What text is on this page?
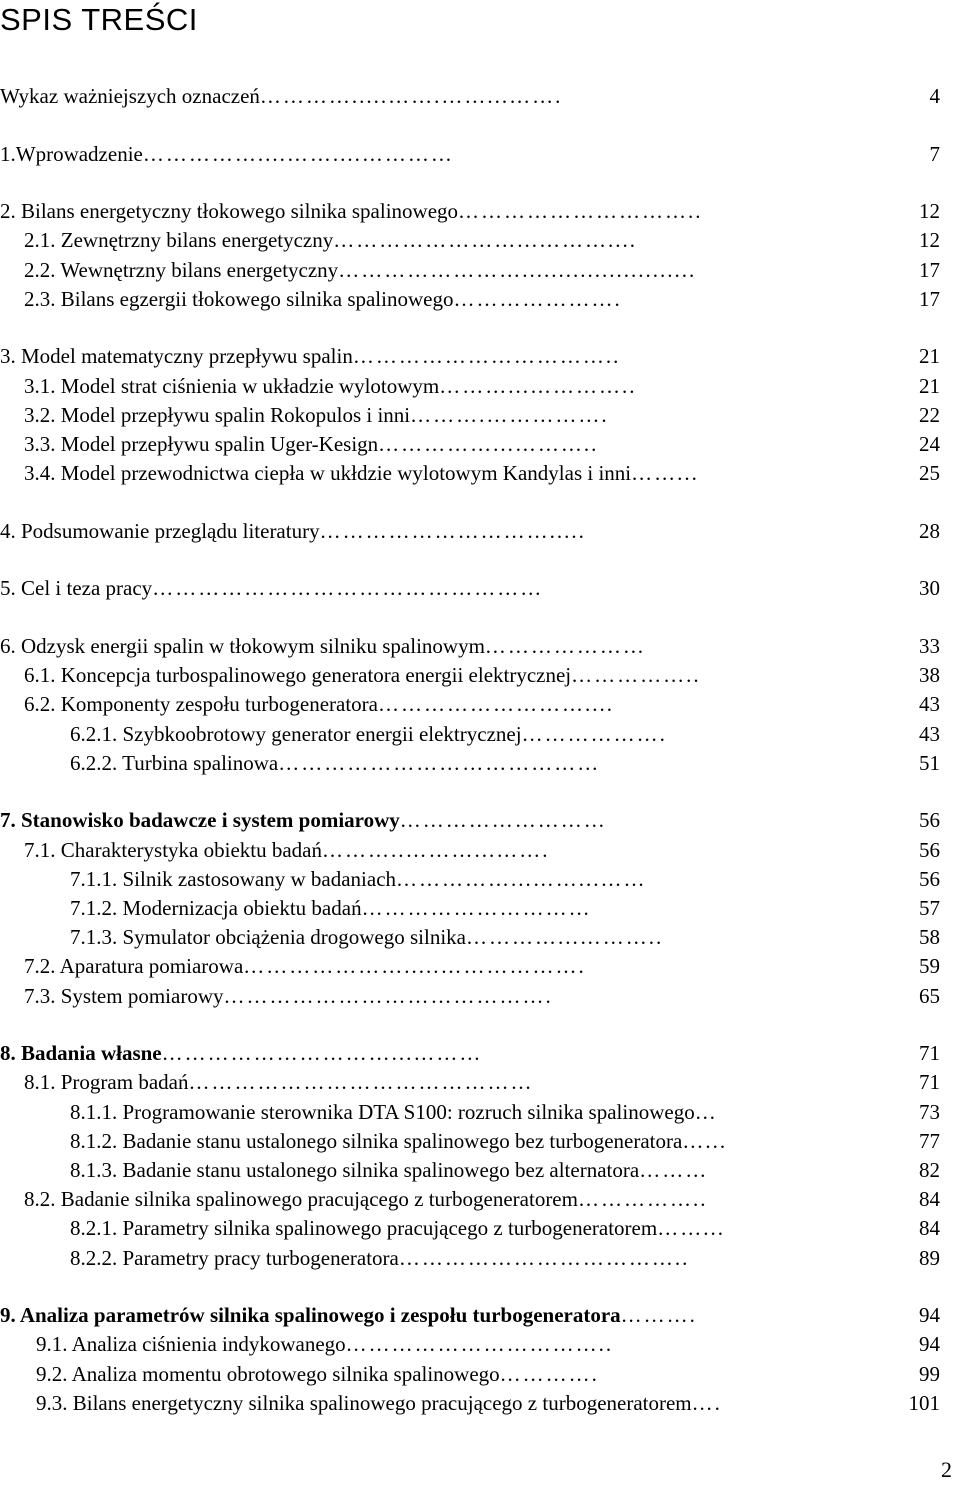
SPIS TREŚCI
Wykaz ważniejszych oznaczeń………….....…….……...…….	4
1.Wprowadzenie……………....……....…………	7
2. Bilans energetyczny tłokowego silnika spalinowego…………………………..	12
2.1. Zewnętrzny bilans energetyczny……………………...………....	12
2.2. Wewnętrzny bilans energetyczny……………………........................	17
2.3. Bilans egzergii tłokowego silnika spalinowego………………….	17
3. Model matematyczny przepływu spalin……………………………..	21
3.1. Model strat ciśnienia w układzie wylotowym………...…………..	21
3.2. Model przepływu spalin Rokopulos i inni……….…………….	22
3.3. Model przepływu spalin Uger-Kesign……………...………..	24
3.4. Model przewodnictwa ciepła w ukłdzie wylotowym Kandylas i inni……...	25
4. Podsumowanie przeglądu literatury………………………….....	28
5. Cel i teza pracy……………………………………………	30
6. Odzysk energii spalin w tłokowym silniku spalinowym…………………	33
6.1. Koncepcja turbospalinowego generatora energii elektrycznej……………..	38
6.2. Komponenty zespołu turbogeneratora………………………....	43
6.2.1. Szybkoobrotowy generator energii elektrycznej……………….	43
6.2.2. Turbina spalinowa……………………………………	51
7. Stanowisko badawcze i system pomiarowy………………………	56
7.1. Charakterystyka obiektu badań………..………...…….	56
7.1.1. Silnik zastosowany w badaniach……………...……...……	56
7.1.2. Modernizacja obiektu badań…………………………	57
7.1.3. Symulator obciążenia drogowego silnika…………...………..	58
7.2. Aparatura pomiarowa………………….....……………….	59
7.3. System pomiarowy…………………………………….	65
8. Badania własne…………………………...………	71
8.1. Program badań………………………………………	71
8.1.1. Programowanie sterownika DTA S100: rozruch silnika spalinowego…	73
8.1.2. Badanie stanu ustalonego silnika spalinowego bez turbogeneratora…...	77
8.1.3. Badanie stanu ustalonego silnika spalinowego bez alternatora………	82
8.2. Badanie silnika spalinowego pracującego z turbogeneratorem……………..	84
8.2.1. Parametry silnika spalinowego pracującego z turbogeneratorem……...	84
8.2.2. Parametry pracy turbogeneratora………………………………..	89
9. Analiza parametrów silnika spalinowego i zespołu turbogeneratora……….	94
9.1. Analiza ciśnienia indykowanego……………………………..	94
9.2. Analiza momentu obrotowego silnika spalinowego………….	99
9.3. Bilans energetyczny silnika spalinowego pracującego z turbogeneratorem….	101
2
